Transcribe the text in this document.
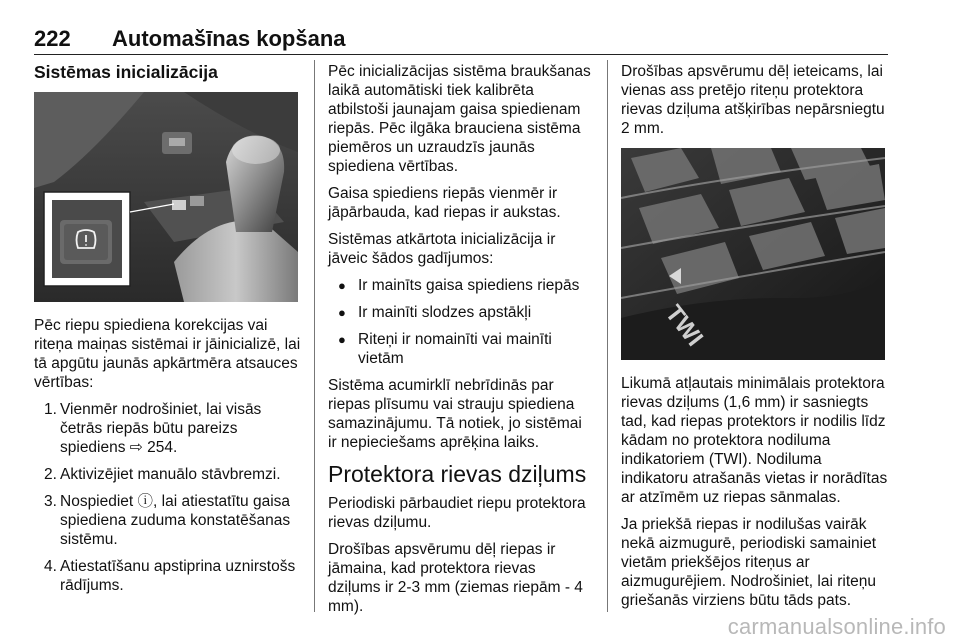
222 Automašīnas kopšana
Sistēmas inicializācija

Pēc riepu spiediena korekcijas vai riteņa maiņas sistēmai ir jāinicializē, lai tā apgūtu jaunās apkārtmēra atsauces vērtības:

1. Vienmēr nodrošiniet, lai visās četrās riepās būtu pareizs spiediens ⇨ 254.
2. Aktivizējiet manuālo stāvbremzi.
3. Nospiediet ⓘ, lai atiestatītu gaisa spiediena zuduma konstatēšanas sistēmu.
4. Atiestatīšanu apstiprina uznirstošs rādījums.

Pēc inicializācijas sistēma braukšanas laikā automātiski tiek kalibrēta atbilstoši jaunajam gaisa spiedienam riepās. Pēc ilgāka brauciena sistēma piemēros un uzraudzīs jaunās spiediena vērtības.

Gaisa spiediens riepās vienmēr ir jāpārbauda, kad riepas ir aukstas.

Sistēmas atkārtota inicializācija ir jāveic šādos gadījumos:

● Ir mainīts gaisa spiediens riepās
● Ir mainīti slodzes apstākļi
● Riteņi ir nomainīti vai mainīti vietām

Sistēma acumirklī nebrīdinās par riepas plīsumu vai strauju spiediena samazinājumu. Tā notiek, jo sistēmai ir nepieciešams aprēķina laiks.

Protektora rievas dziļums

Periodiski pārbaudiet riepu protektora rievas dziļumu.

Drošības apsvērumu dēļ riepas ir jāmaina, kad protektora rievas dziļums ir 2-3 mm (ziemas riepām - 4 mm).

Drošības apsvērumu dēļ ieteicams, lai vienas ass pretējo riteņu protektora rievas dziļuma atšķirības nepārsniegtu 2 mm.

TWI

Likumā atļautais minimālais protektora rievas dziļums (1,6 mm) ir sasniegts tad, kad riepas protektors ir nodilis līdz kādam no protektora nodiluma indikatoriem (TWI). Nodiluma indikatoru atrašanās vietas ir norādītas ar atzīmēm uz riepas sānmalas.

Ja priekšā riepas ir nodilušas vairāk nekā aizmugurē, periodiski samainiet vietām priekšējos riteņus ar aizmugurējiem. Nodrošiniet, lai riteņu griešanās virziens būtu tāds pats.

carmanualsonline.info
